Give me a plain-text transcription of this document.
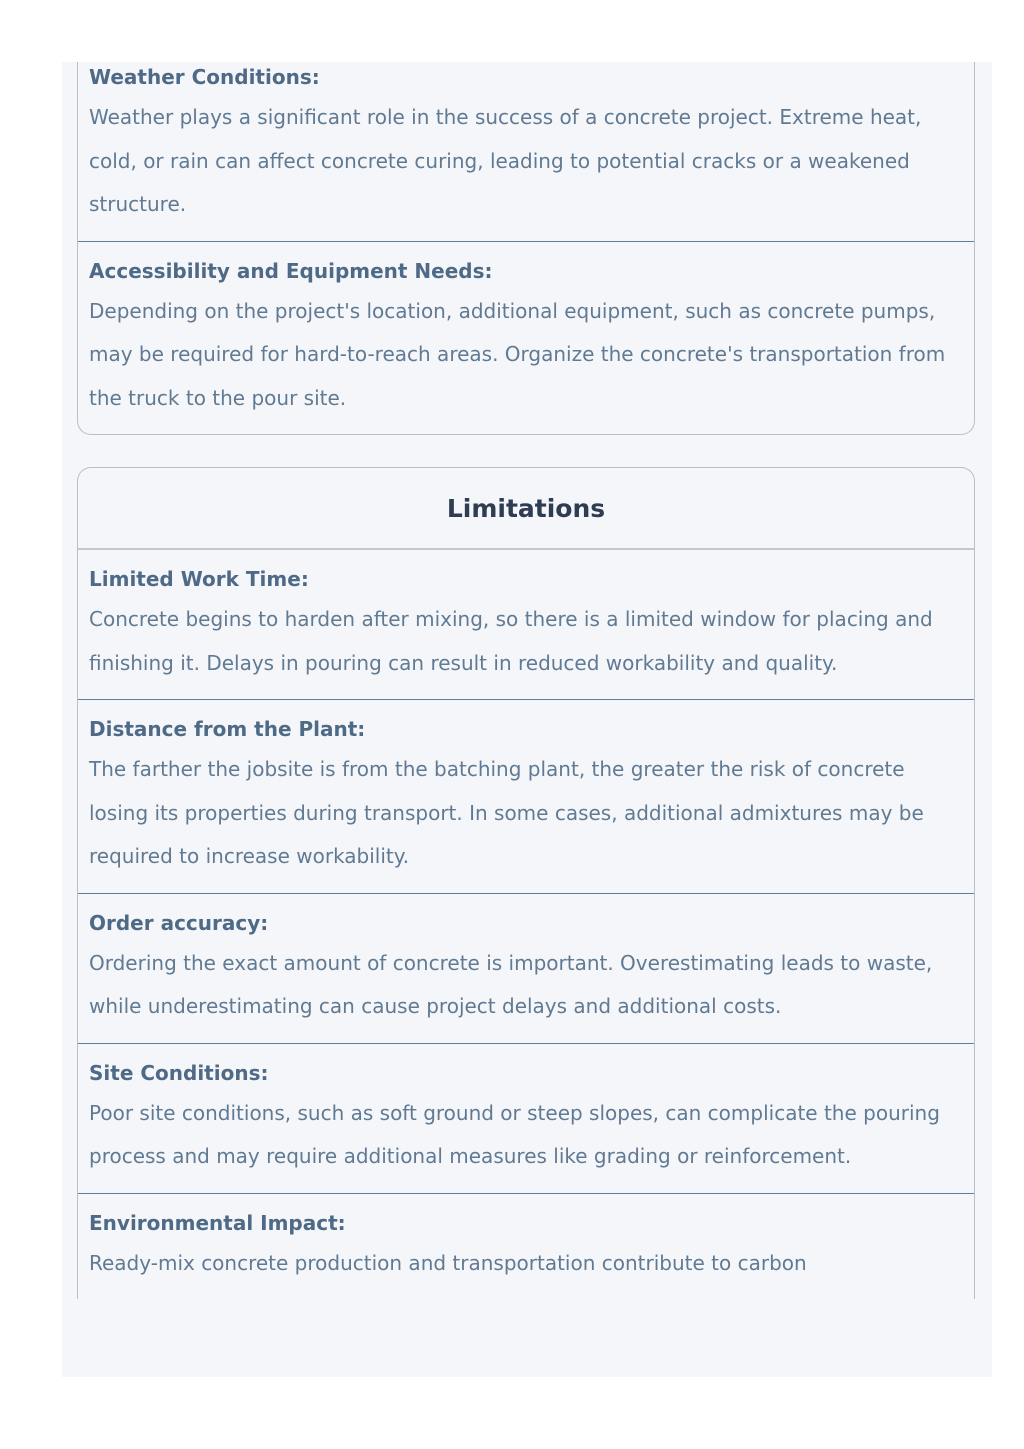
Weather Conditions:
Weather plays a significant role in the success of a concrete project. Extreme heat, cold, or rain can affect concrete curing, leading to potential cracks or a weakened structure.
Accessibility and Equipment Needs:
Depending on the project's location, additional equipment, such as concrete pumps, may be required for hard-to-reach areas. Organize the concrete's transportation from the truck to the pour site.
Limitations
Limited Work Time:
Concrete begins to harden after mixing, so there is a limited window for placing and finishing it. Delays in pouring can result in reduced workability and quality.
Distance from the Plant:
The farther the jobsite is from the batching plant, the greater the risk of concrete losing its properties during transport. In some cases, additional admixtures may be required to increase workability.
Order accuracy:
Ordering the exact amount of concrete is important. Overestimating leads to waste, while underestimating can cause project delays and additional costs.
Site Conditions:
Poor site conditions, such as soft ground or steep slopes, can complicate the pouring process and may require additional measures like grading or reinforcement.
Environmental Impact:
Ready-mix concrete production and transportation contribute to carbon
